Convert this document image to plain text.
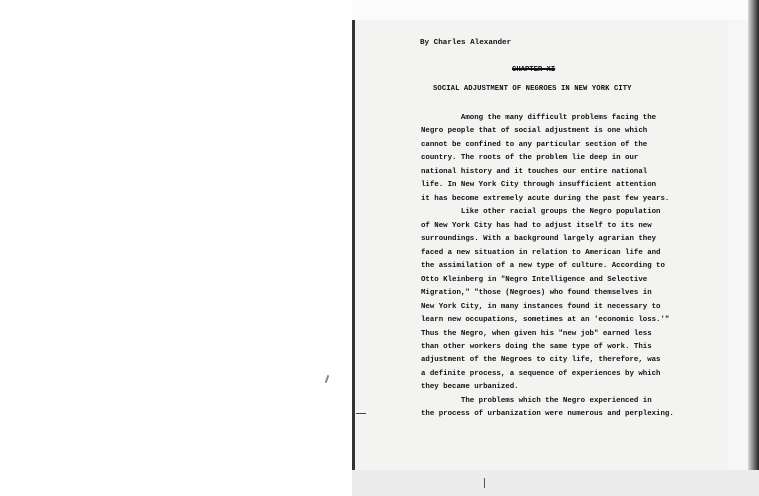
By Charles Alexander
CHAPTER XI
SOCIAL ADJUSTMENT OF NEGROES IN NEW YORK CITY
Among the many difficult problems facing the
Negro people that of social adjustment is one which
cannot be confined to any particular section of the
country. The roots of the problem lie deep in our
national history and it touches our entire national
life. In New York City through insufficient attention
it has become extremely acute during the past few years.
Like other racial groups the Negro population
of New York City has had to adjust itself to its new
surroundings. With a background largely agrarian they
faced a new situation in relation to American life and
the assimilation of a new type of culture. According to
Otto Kleinberg in "Negro Intelligence and Selective
Migration," "those (Negroes) who found themselves in
New York City, in many instances found it necessary to
learn new occupations, sometimes at an 'economic loss.'"
Thus the Negro, when given his "new job" earned less
than other workers doing the same type of work. This
adjustment of the Negroes to city life, therefore, was
a definite process, a sequence of experiences by which
they became urbanized.
The problems which the Negro experienced in
the process of urbanization were numerous and perplexing.
